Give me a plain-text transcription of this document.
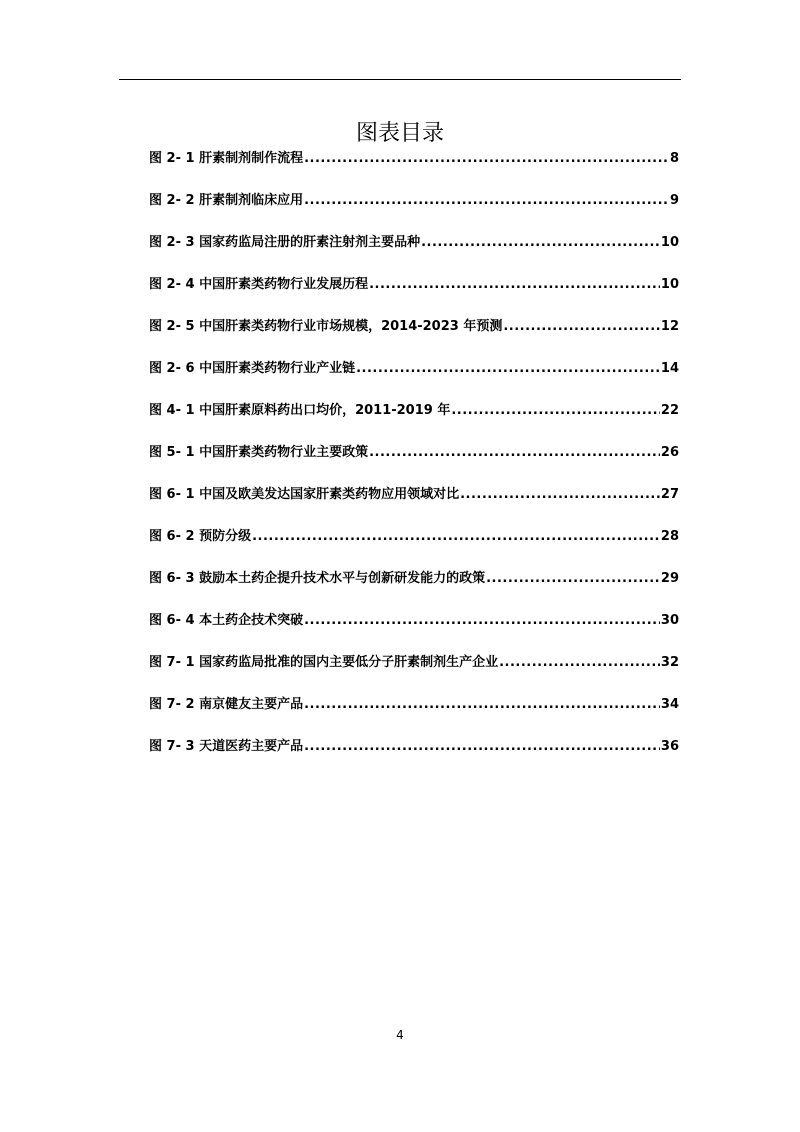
图表目录
图 2- 1 肝素制剂制作流程 .....	8
图 2- 2 肝素制剂临床应用 .....	9
图 2- 3 国家药监局注册的肝素注射剂主要品种 .....	10
图 2- 4 中国肝素类药物行业发展历程 .....	10
图 2- 5 中国肝素类药物行业市场规模，2014-2023 年预测 .....	12
图 2- 6 中国肝素类药物行业产业链 .....	14
图 4- 1 中国肝素原料药出口均价，2011-2019 年 .....	22
图 5- 1 中国肝素类药物行业主要政策 .....	26
图 6- 1 中国及欧美发达国家肝素类药物应用领域对比 .....	27
图 6- 2 预防分级 .....	28
图 6- 3 鼓励本土药企提升技术水平与创新研发能力的政策 .....	29
图 6- 4 本土药企技术突破 .....	30
图 7- 1 国家药监局批准的国内主要低分子肝素制剂生产企业 .....	32
图 7- 2 南京健友主要产品 .....	34
图 7- 3 天道医药主要产品 .....	36
4
